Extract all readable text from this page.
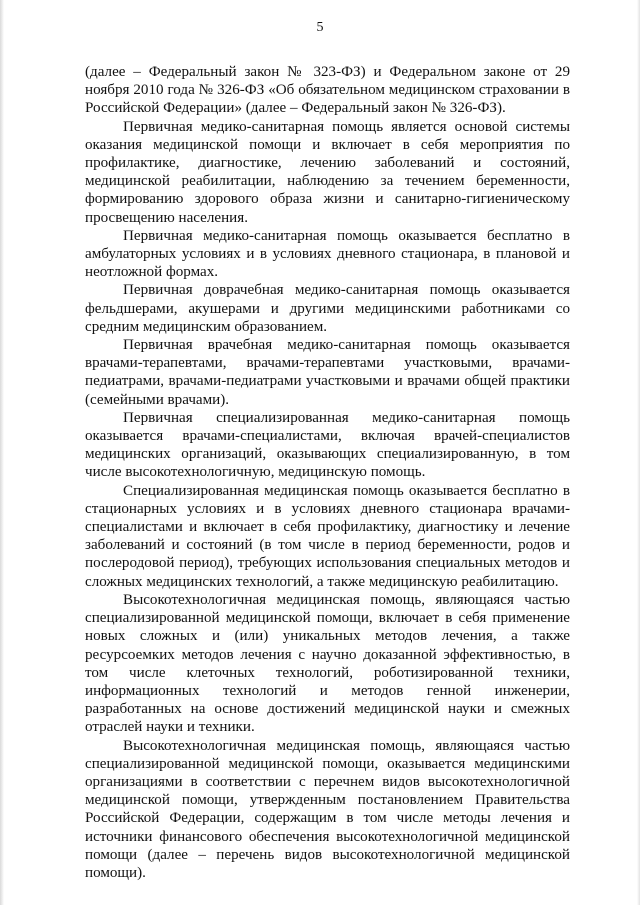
5

(далее – Федеральный закон № 323-ФЗ) и Федеральном законе от 29 ноября 2010 года № 326-ФЗ «Об обязательном медицинском страховании в Российской Федерации» (далее – Федеральный закон № 326-ФЗ).

Первичная медико-санитарная помощь является основой системы оказания медицинской помощи и включает в себя мероприятия по профилактике, диагностике, лечению заболеваний и состояний, медицинской реабилитации, наблюдению за течением беременности, формированию здорового образа жизни и санитарно-гигиеническому просвещению населения.

Первичная медико-санитарная помощь оказывается бесплатно в амбулаторных условиях и в условиях дневного стационара, в плановой и неотложной формах.

Первичная доврачебная медико-санитарная помощь оказывается фельдшерами, акушерами и другими медицинскими работниками со средним медицинским образованием.

Первичная врачебная медико-санитарная помощь оказывается врачами-терапевтами, врачами-терапевтами участковыми, врачами-педиатрами, врачами-педиатрами участковыми и врачами общей практики (семейными врачами).

Первичная специализированная медико-санитарная помощь оказывается врачами-специалистами, включая врачей-специалистов медицинских организаций, оказывающих специализированную, в том числе высокотехнологичную, медицинскую помощь.

Специализированная медицинская помощь оказывается бесплатно в стационарных условиях и в условиях дневного стационара врачами-специалистами и включает в себя профилактику, диагностику и лечение заболеваний и состояний (в том числе в период беременности, родов и послеродовой период), требующих использования специальных методов и сложных медицинских технологий, а также медицинскую реабилитацию.

Высокотехнологичная медицинская помощь, являющаяся частью специализированной медицинской помощи, включает в себя применение новых сложных и (или) уникальных методов лечения, а также ресурсоемких методов лечения с научно доказанной эффективностью, в том числе клеточных технологий, роботизированной техники, информационных технологий и методов генной инженерии, разработанных на основе достижений медицинской науки и смежных отраслей науки и техники.

Высокотехнологичная медицинская помощь, являющаяся частью специализированной медицинской помощи, оказывается медицинскими организациями в соответствии с перечнем видов высокотехнологичной медицинской помощи, утвержденным постановлением Правительства Российской Федерации, содержащим в том числе методы лечения и источники финансового обеспечения высокотехнологичной медицинской помощи (далее – перечень видов высокотехнологичной медицинской помощи).
